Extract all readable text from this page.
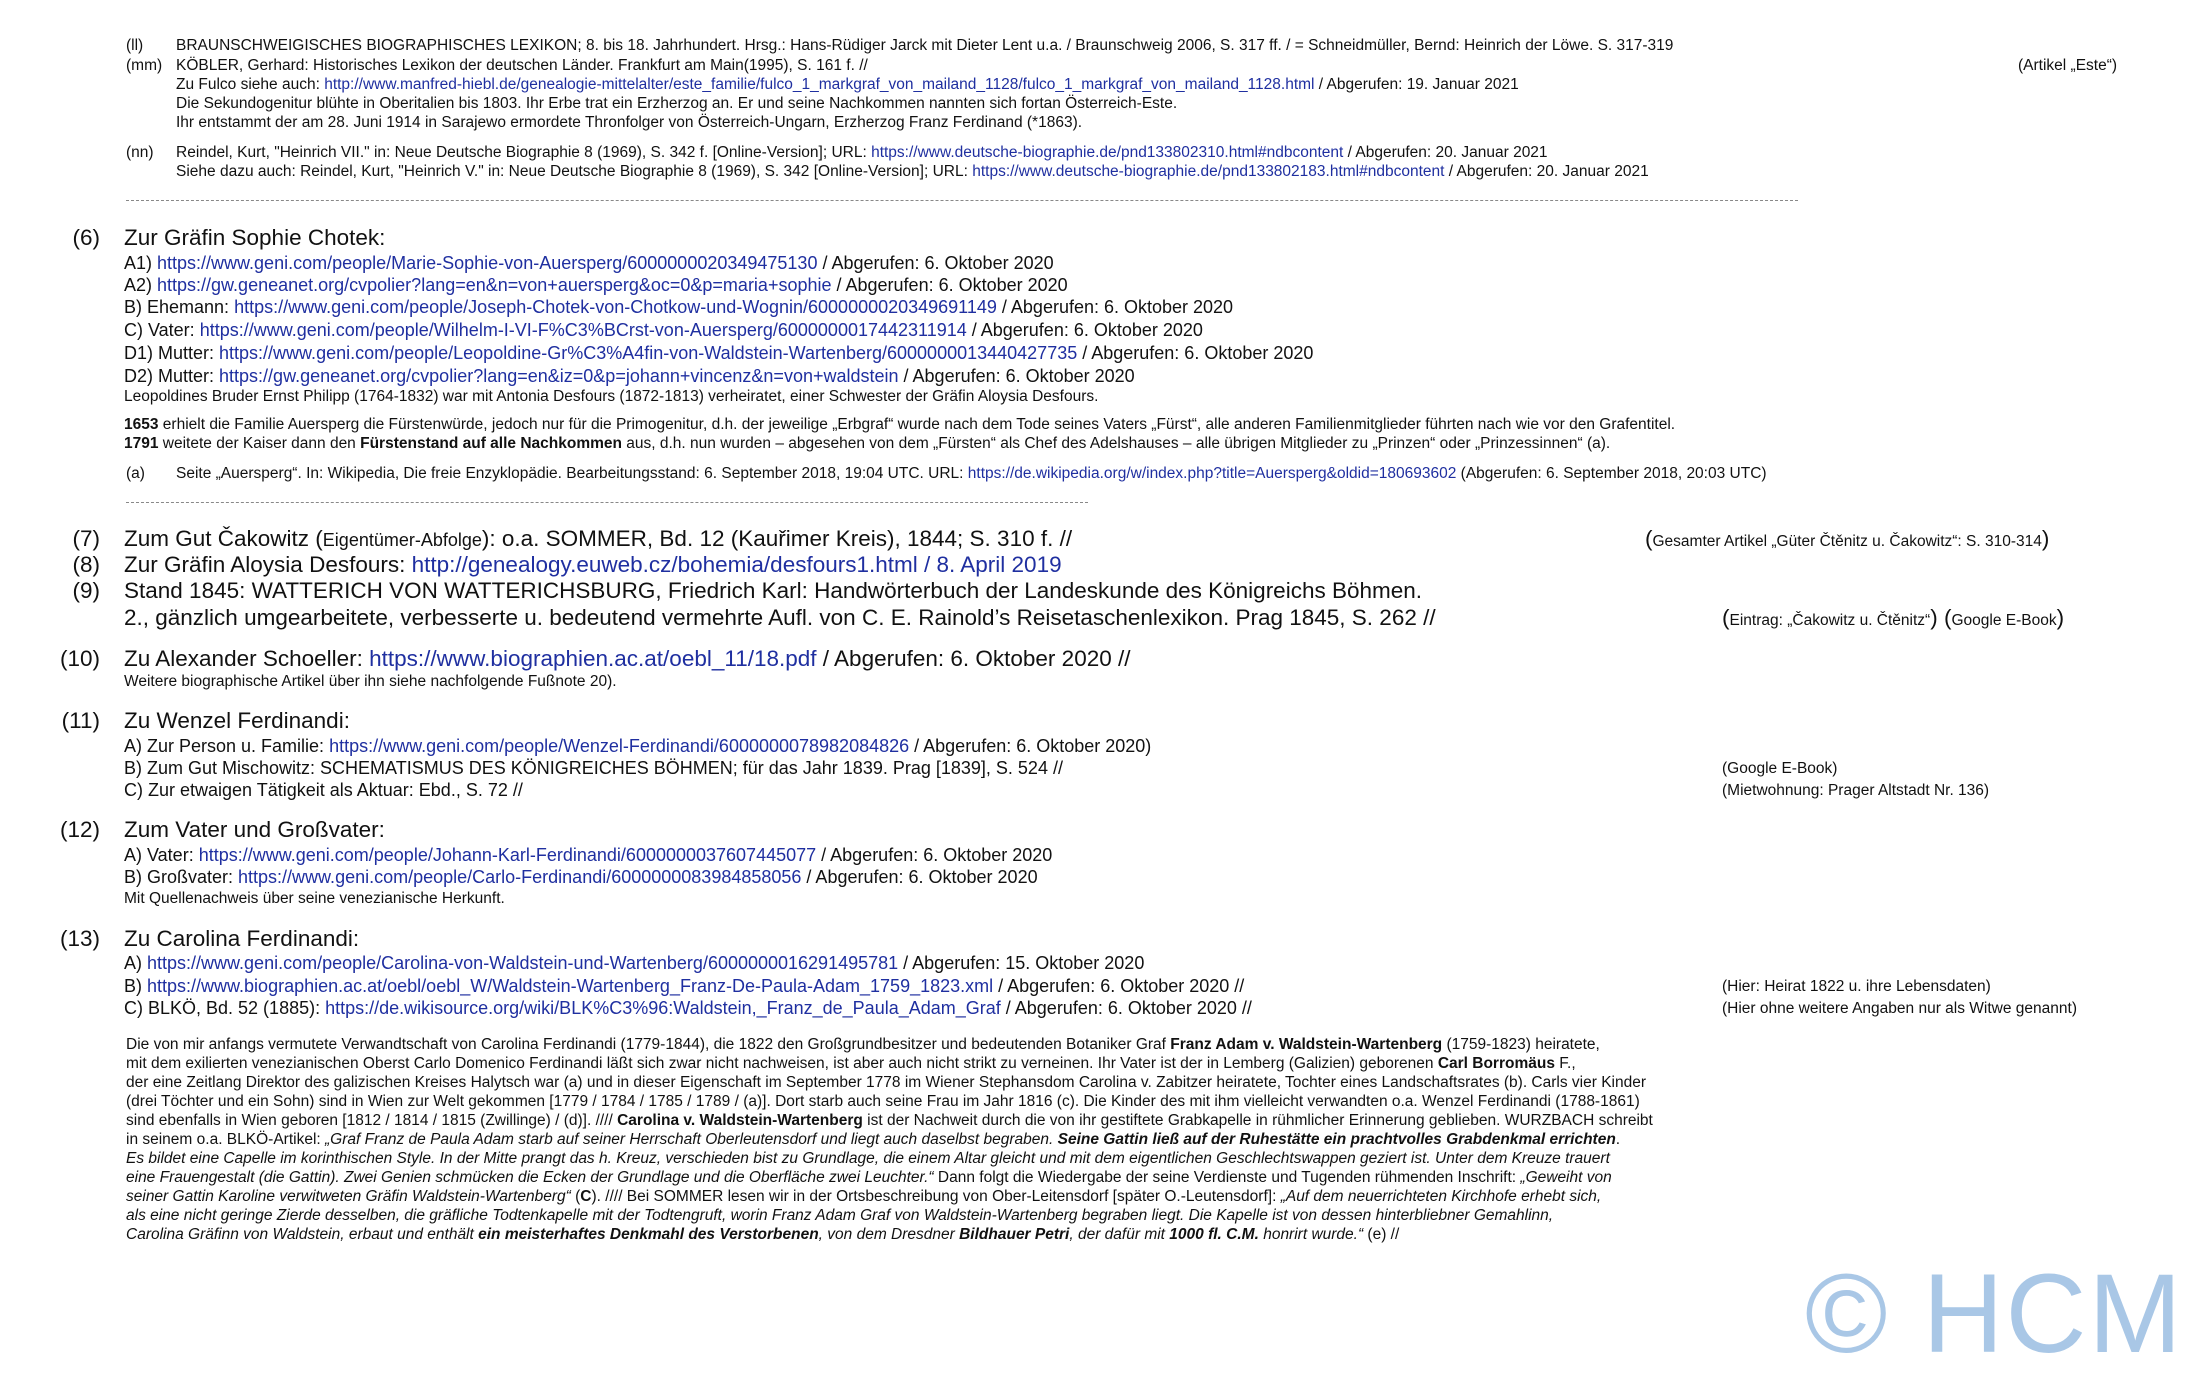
(ll) BRAUNSCHWEIGISCHES BIOGRAPHISCHES LEXIKON; 8. bis 18. Jahrhundert. Hrsg.: Hans-Rüdiger Jarck mit Dieter Lent u.a. / Braunschweig 2006, S. 317 ff. / = Schneidmüller, Bernd: Heinrich der Löwe. S. 317-319
(mm) KÖBLER, Gerhard: Historisches Lexikon der deutschen Länder. Frankfurt am Main(1995), S. 161 f. //	(Artikel „Este“)
Zu Fulco siehe auch: http://www.manfred-hiebl.de/genealogie-mittelalter/este_familie/fulco_1_markgraf_von_mailand_1128/fulco_1_markgraf_von_mailand_1128.html / Abgerufen: 19. Januar 2021
Die Sekundogenitur blühte in Oberitalien bis 1803. Ihr Erbe trat ein Erzherzog an. Er und seine Nachkommen nannten sich fortan Österreich-Este.
Ihr entstammt der am 28. Juni 1914 in Sarajewo ermordete Thronfolger von Österreich-Ungarn, Erzherzog Franz Ferdinand (*1863).
(nn) Reindel, Kurt, "Heinrich VII." in: Neue Deutsche Biographie 8 (1969), S. 342 f. [Online-Version]; URL: https://www.deutsche-biographie.de/pnd133802310.html#ndbcontent / Abgerufen: 20. Januar 2021
Siehe dazu auch: Reindel, Kurt, "Heinrich V." in: Neue Deutsche Biographie 8 (1969), S. 342 [Online-Version]; URL: https://www.deutsche-biographie.de/pnd133802183.html#ndbcontent / Abgerufen: 20. Januar 2021
(6) Zur Gräfin Sophie Chotek:
A1) https://www.geni.com/people/Marie-Sophie-von-Auersperg/6000000020349475130 / Abgerufen: 6. Oktober 2020
A2) https://gw.geneanet.org/cvpolier?lang=en&n=von+auersperg&oc=0&p=maria+sophie / Abgerufen: 6. Oktober 2020
B) Ehemann: https://www.geni.com/people/Joseph-Chotek-von-Chotkow-und-Wognin/6000000020349691149 / Abgerufen: 6. Oktober 2020
C) Vater: https://www.geni.com/people/Wilhelm-I-VI-F%C3%BCrst-von-Auersperg/6000000017442311914 / Abgerufen: 6. Oktober 2020
D1) Mutter: https://www.geni.com/people/Leopoldine-Gr%C3%A4fin-von-Waldstein-Wartenberg/6000000013440427735 / Abgerufen: 6. Oktober 2020
D2) Mutter: https://gw.geneanet.org/cvpolier?lang=en&iz=0&p=johann+vincenz&n=von+waldstein / Abgerufen: 6. Oktober 2020
Leopoldines Bruder Ernst Philipp (1764-1832) war mit Antonia Desfours (1872-1813) verheiratet, einer Schwester der Gräfin Aloysia Desfours.
1653 erhielt die Familie Auersperg die Fürstenwürde, jedoch nur für die Primogenitur, d.h. der jeweilige „Erbgraf“ wurde nach dem Tode seines Vaters „Fürst“, alle anderen Familienmitglieder führten nach wie vor den Grafentitel.
1791 weitete der Kaiser dann den Fürstenstand auf alle Nachkommen aus, d.h. nun wurden – abgesehen von dem „Fürsten“ als Chef des Adelshauses – alle übrigen Mitglieder zu „Prinzen“ oder „Prinzessinnen“ (a).
(a) Seite „Auersperg“. In: Wikipedia, Die freie Enzyklopädie. Bearbeitungsstand: 6. September 2018, 19:04 UTC. URL: https://de.wikipedia.org/w/index.php?title=Auersperg&oldid=180693602 (Abgerufen: 6. September 2018, 20:03 UTC)
(7) Zum Gut Čakowitz (Eigentümer-Abfolge): o.a. SOMMER, Bd. 12 (Kauřimer Kreis), 1844; S. 310 f. //	(Gesamter Artikel „Güter Čtěnitz u. Čakowitz“: S. 310-314)
(8) Zur Gräfin Aloysia Desfours: http://genealogy.euweb.cz/bohemia/desfours1.html / 8. April 2019
(9) Stand 1845: WATTERICH VON WATTERICHSBURG, Friedrich Karl: Handwörterbuch der Landeskunde des Königreichs Böhmen.
2., gänzlich umgearbeitete, verbesserte u. bedeutend vermehrte Aufl. von C. E. Rainold’s Reisetaschenlexikon. Prag 1845, S. 262 //	(Eintrag: „Čakowitz u. Čtěnitz“) (Google E-Book)
(10) Zu Alexander Schoeller: https://www.biographien.ac.at/oebl_11/18.pdf / Abgerufen: 6. Oktober 2020 //
Weitere biographische Artikel über ihn siehe nachfolgende Fußnote 20).
(11) Zu Wenzel Ferdinandi:
A) Zur Person u. Familie: https://www.geni.com/people/Wenzel-Ferdinandi/6000000078982084826 / Abgerufen: 6. Oktober 2020)
B) Zum Gut Mischowitz: SCHEMATISMUS DES KÖNIGREICHES BÖHMEN; für das Jahr 1839. Prag [1839], S. 524 //	(Google E-Book)
C) Zur etwaigen Tätigkeit als Aktuar: Ebd., S. 72 //	(Mietwohnung: Prager Altstadt Nr. 136)
(12) Zum Vater und Großvater:
A) Vater: https://www.geni.com/people/Johann-Karl-Ferdinandi/6000000037607445077 / Abgerufen: 6. Oktober 2020
B) Großvater: https://www.geni.com/people/Carlo-Ferdinandi/6000000083984858056 / Abgerufen: 6. Oktober 2020
Mit Quellenachweis über seine venezianische Herkunft.
(13) Zu Carolina Ferdinandi:
A) https://www.geni.com/people/Carolina-von-Waldstein-und-Wartenberg/6000000016291495781 / Abgerufen: 15. Oktober 2020
B) https://www.biographien.ac.at/oebl/oebl_W/Waldstein-Wartenberg_Franz-De-Paula-Adam_1759_1823.xml / Abgerufen: 6. Oktober 2020 //	(Hier: Heirat 1822 u. ihre Lebensdaten)
C) BLKÖ, Bd. 52 (1885): https://de.wikisource.org/wiki/BLK%C3%96:Waldstein,_Franz_de_Paula_Adam_Graf / Abgerufen: 6. Oktober 2020 //	(Hier ohne weitere Angaben nur als Witwe genannt)
Die von mir anfangs vermutete Verwandtschaft von Carolina Ferdinandi (1779-1844), die 1822 den Großgrundbesitzer und bedeutenden Botaniker Graf Franz Adam v. Waldstein-Wartenberg (1759-1823) heiratete,
mit dem exilierten venezianischen Oberst Carlo Domenico Ferdinandi läßt sich zwar nicht nachweisen, ist aber auch nicht strikt zu verneinen. Ihr Vater ist der in Lemberg (Galizien) geborenen Carl Borromäus F.,
der eine Zeitlang Direktor des galizischen Kreises Halytsch war (a) und in dieser Eigenschaft im September 1778 im Wiener Stephansdom Carolina v. Zabitzer heiratete, Tochter eines Landschaftsrates (b). Carls vier Kinder
(drei Töchter und ein Sohn) sind in Wien zur Welt gekommen [1779 / 1784 / 1785 / 1789 / (a)]. Dort starb auch seine Frau im Jahr 1816 (c). Die Kinder des mit ihm vielleicht verwandten o.a. Wenzel Ferdinandi (1788-1861)
sind ebenfalls in Wien geboren [1812 / 1814 / 1815 (Zwillinge) / (d)]. //// Carolina v. Waldstein-Wartenberg ist der Nachweit durch die von ihr gestiftete Grabkapelle in rühmlicher Erinnerung geblieben. WURZBACH schreibt
in seinem o.a. BLKÖ-Artikel: „Graf Franz de Paula Adam starb auf seiner Herrschaft Oberleutensdorf und liegt auch daselbst begraben. Seine Gattin ließ auf der Ruhestätte ein prachtvolles Grabdenkmal errichten.
Es bildet eine Capelle im korinthischen Style. In der Mitte prangt das h. Kreuz, verschieden bist zu Grundlage, die einem Altar gleicht und mit dem eigentlichen Geschlechtswappen geziert ist. Unter dem Kreuze trauert
eine Frauengestalt (die Gattin). Zwei Genien schmücken die Ecken der Grundlage und die Oberfläche zwei Leuchter.“ Dann folgt die Wiedergabe der seine Verdienste und Tugenden rühmenden Inschrift: „Geweiht von
seiner Gattin Karoline verwitweten Gräfin Waldstein-Wartenberg“ (C). //// Bei SOMMER lesen wir in der Ortsbeschreibung von Ober-Leitensdorf [später O.-Leutensdorf]: „Auf dem neuerrichteten Kirchhofe erhebt sich,
als eine nicht geringe Zierde desselben, die gräfliche Todtenkapelle mit der Todtengruft, worin Franz Adam Graf von Waldstein-Wartenberg begraben liegt. Die Kapelle ist von dessen hinterbliebner Gemahlinn,
Carolina Gräfinn von Waldstein, erbaut und enthält ein meisterhaftes Denkmahl des Verstorbenen, von dem Dresdner Bildhauer Petri, der dafür mit 1000 fl. C.M. honrirt wurde.“ (e) //
© HCM
